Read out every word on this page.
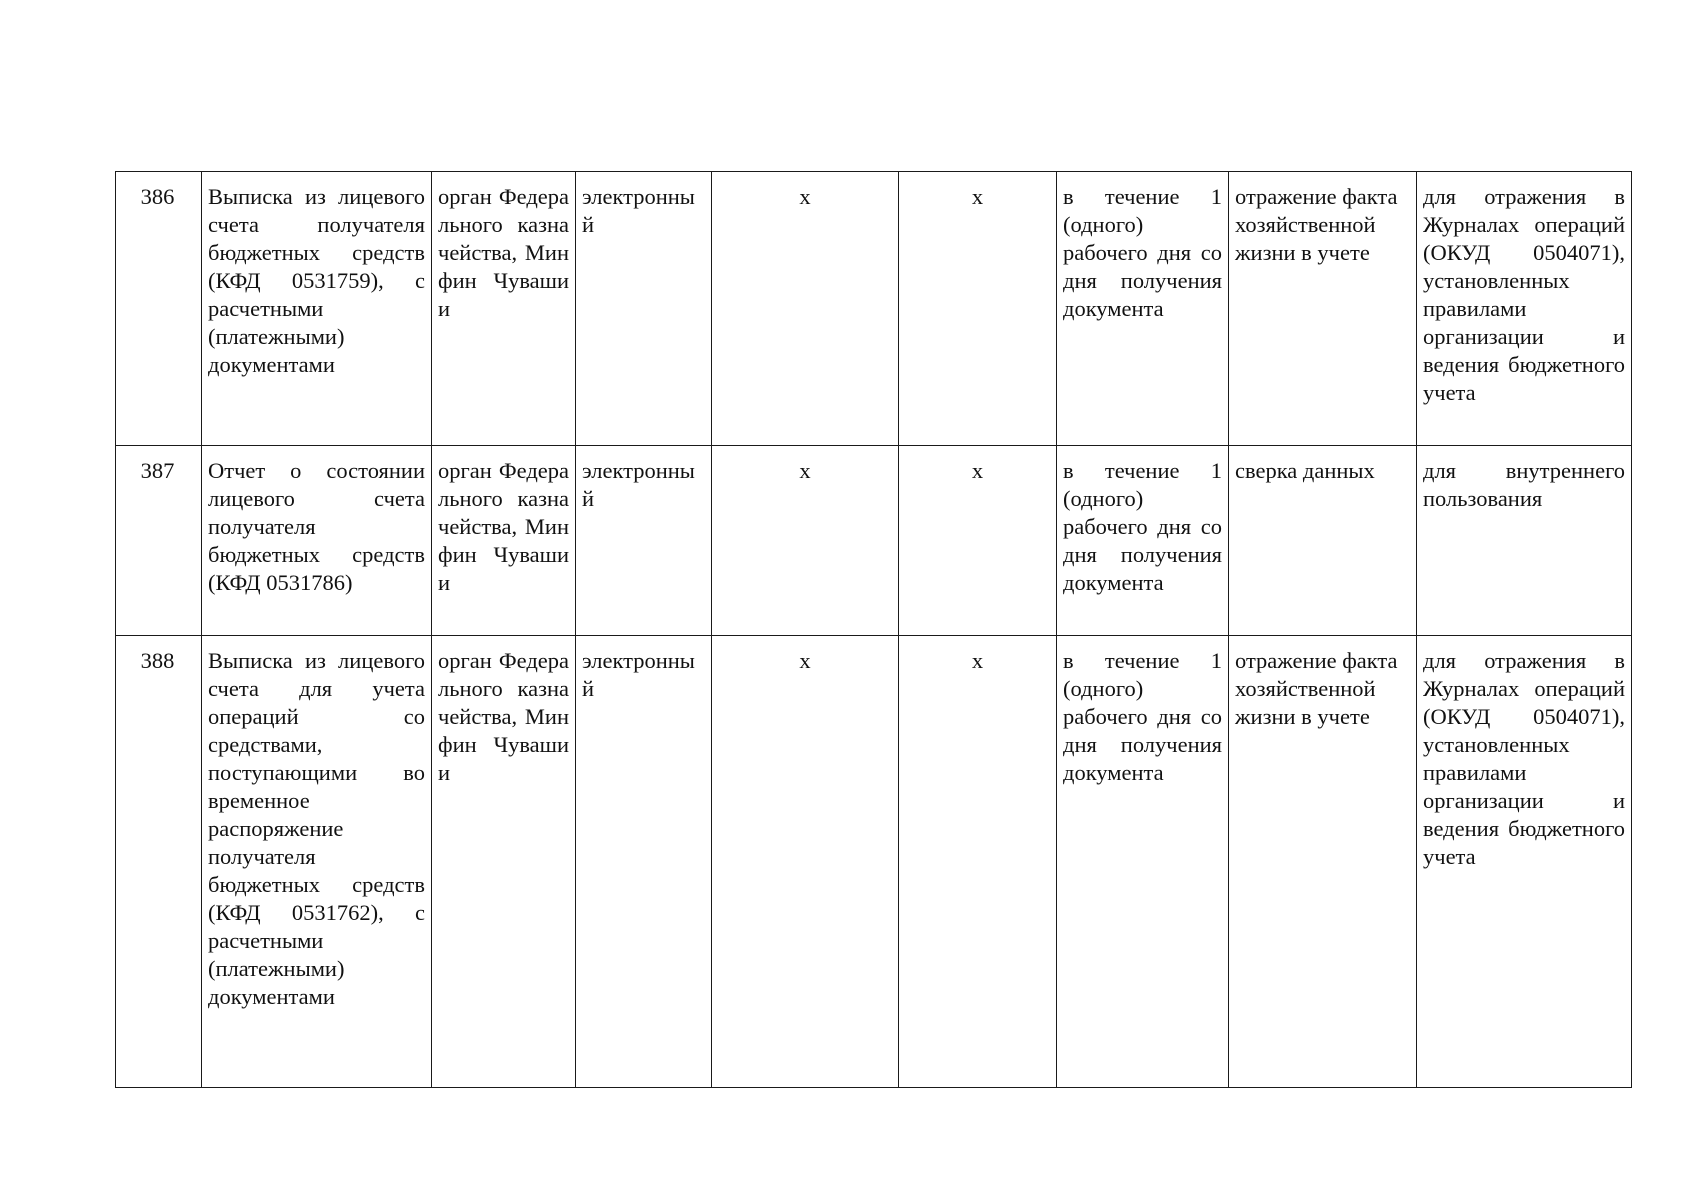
386	Выписка из лицевого счета получателя бюджетных средств (КФД 0531759), с расчетными (платежными) документами	орган Федерального казначейства, Минфин Чувашии	электронный	x	x	в течение 1 (одного) рабочего дня со дня получения документа	отражение факта хозяйственной жизни в учете	для отражения в Журналах операций (ОКУД 0504071), установленных правилами организации и ведения бюджетного учета
387	Отчет о состоянии лицевого счета получателя бюджетных средств (КФД 0531786)	орган Федерального казначейства, Минфин Чувашии	электронный	x	x	в течение 1 (одного) рабочего дня со дня получения документа	сверка данных	для внутреннего пользования
388	Выписка из лицевого счета для учета операций со средствами, поступающими во временное распоряжение получателя бюджетных средств (КФД 0531762), с расчетными (платежными) документами	орган Федерального казначейства, Минфин Чувашии	электронный	x	x	в течение 1 (одного) рабочего дня со дня получения документа	отражение факта хозяйственной жизни в учете	для отражения в Журналах операций (ОКУД 0504071), установленных правилами организации и ведения бюджетного учета
